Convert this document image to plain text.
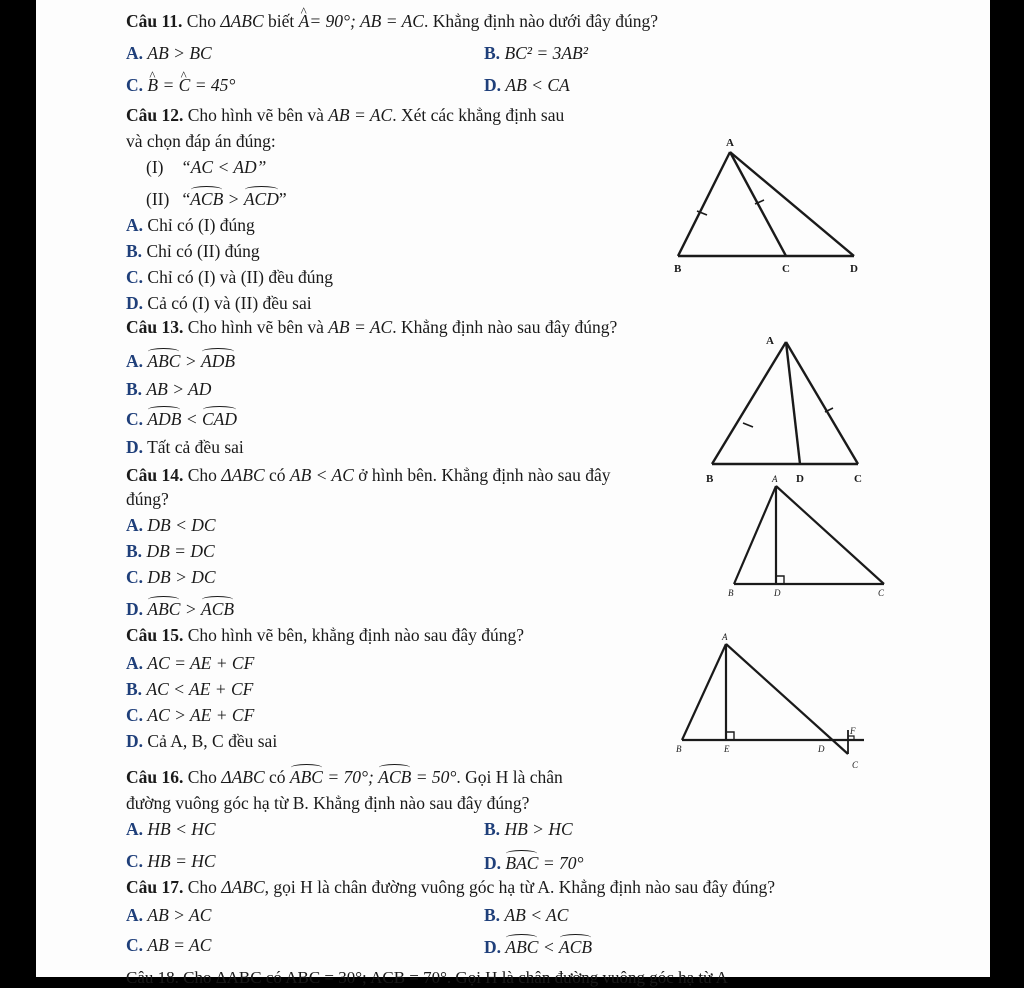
Câu 11. Cho ΔABC biết ^ A= 90°; AB = AC. Khẳng định nào dưới đây đúng?
A. AB > BC	B. BC² = 3AB²
C. ^ B = ^ C = 45°	D. AB < CA
Câu 12. Cho hình vẽ bên và AB = AC. Xét các khẳng định sau
và chọn đáp án đúng:
(I) “AC < AD”
(II) “ACB > ACD”
A. Chỉ có (I) đúng
B. Chỉ có (II) đúng
C. Chỉ có (I) và (II) đều đúng
D. Cả có (I) và (II) đều sai
A
B	C	D
Câu 13. Cho hình vẽ bên và AB = AC. Khẳng định nào sau đây đúng?
A. ABC > ADB
B. AB > AD
C. ADB < CAD
D. Tất cả đều sai
A
B	D	C
Câu 14. Cho ΔABC có AB < AC ở hình bên. Khẳng định nào sau đây
đúng?
A. DB < DC
B. DB = DC
C. DB > DC
D. ABC > ACB
A
B	D	C
Câu 15. Cho hình vẽ bên, khẳng định nào sau đây đúng?
A. AC = AE + CF
B. AC < AE + CF
C. AC > AE + CF
D. Cả A, B, C đều sai
A
B	E	D
F
C
Câu 16. Cho ΔABC có ABC = 70°; ACB = 50°. Gọi H là chân
đường vuông góc hạ từ B. Khẳng định nào sau đây đúng?
A. HB < HC	B. HB > HC
C. HB = HC	D. BAC = 70°
Câu 17. Cho ΔABC, gọi H là chân đường vuông góc hạ từ A. Khẳng định nào sau đây đúng?
A. AB > AC	B. AB < AC
C. AB = AC	D. ABC < ACB
Câu 18. Cho ΔABC có ABC = 30°; ACB = 70°. Gọi H là chân đường vuông góc hạ từ A
